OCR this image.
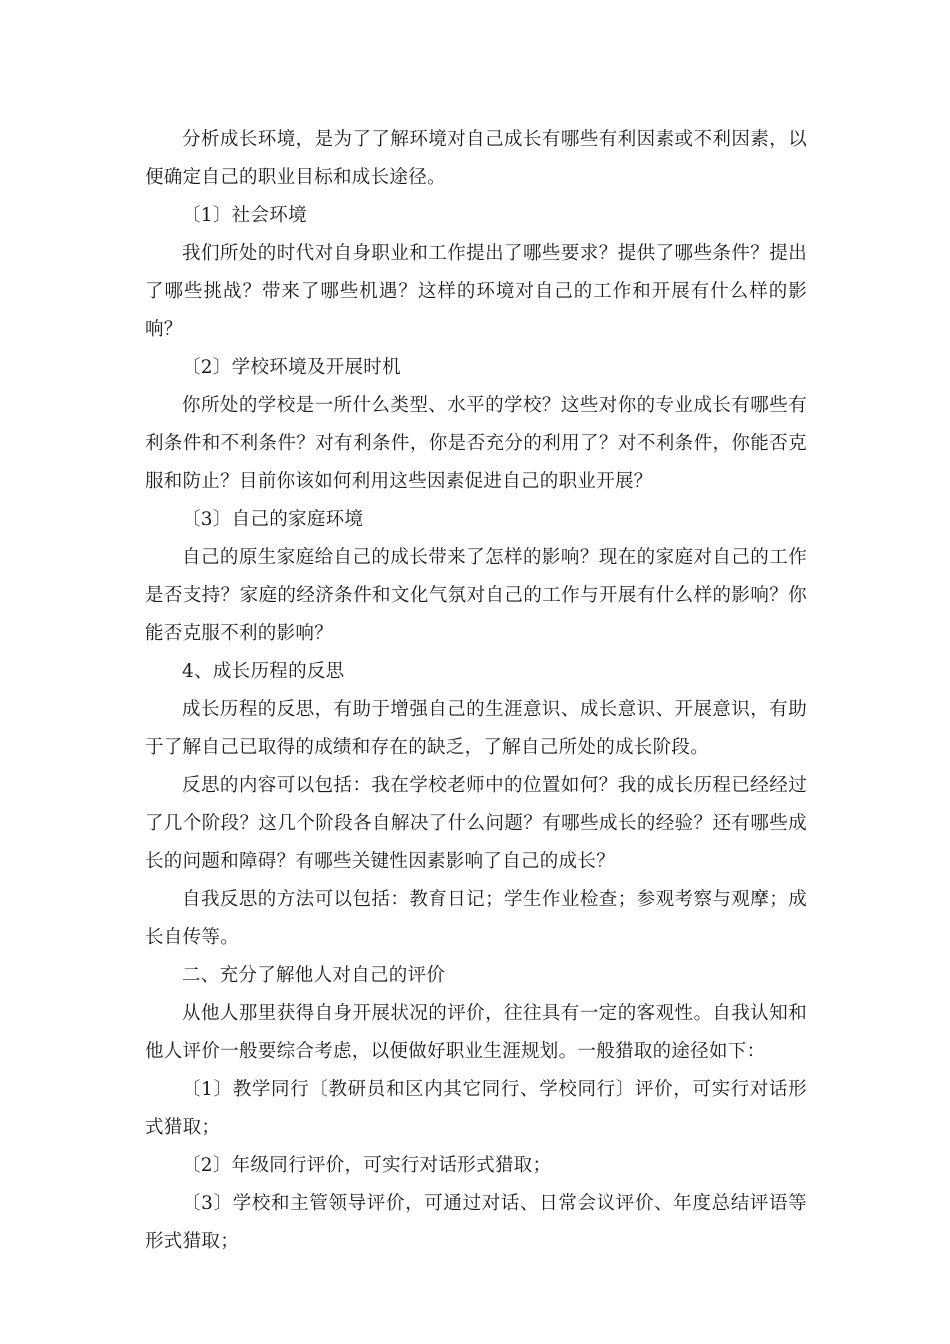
分析成长环境，是为了了解环境对自己成长有哪些有利因素或不利因素，以便确定自己的职业目标和成长途径。

〔1〕社会环境

我们所处的时代对自身职业和工作提出了哪些要求？提供了哪些条件？提出了哪些挑战？带来了哪些机遇？这样的环境对自己的工作和开展有什么样的影响？

〔2〕学校环境及开展时机

你所处的学校是一所什么类型、水平的学校？这些对你的专业成长有哪些有利条件和不利条件？对有利条件，你是否充分的利用了？对不利条件，你能否克服和防止？目前你该如何利用这些因素促进自己的职业开展？

〔3〕自己的家庭环境

自己的原生家庭给自己的成长带来了怎样的影响？现在的家庭对自己的工作是否支持？家庭的经济条件和文化气氛对自己的工作与开展有什么样的影响？你能否克服不利的影响？

4、成长历程的反思

成长历程的反思，有助于增强自己的生涯意识、成长意识、开展意识，有助于了解自己已取得的成绩和存在的缺乏，了解自己所处的成长阶段。

反思的内容可以包括：我在学校老师中的位置如何？我的成长历程已经经过了几个阶段？这几个阶段各自解决了什么问题？有哪些成长的经验？还有哪些成长的问题和障碍？有哪些关键性因素影响了自己的成长？

自我反思的方法可以包括：教育日记；学生作业检查；参观考察与观摩；成长自传等。

二、充分了解他人对自己的评价

从他人那里获得自身开展状况的评价，往往具有一定的客观性。自我认知和他人评价一般要综合考虑，以便做好职业生涯规划。一般猎取的途径如下：

〔1〕教学同行〔教研员和区内其它同行、学校同行〕评价，可实行对话形式猎取；

〔2〕年级同行评价，可实行对话形式猎取；

〔3〕学校和主管领导评价，可通过对话、日常会议评价、年度总结评语等形式猎取；
